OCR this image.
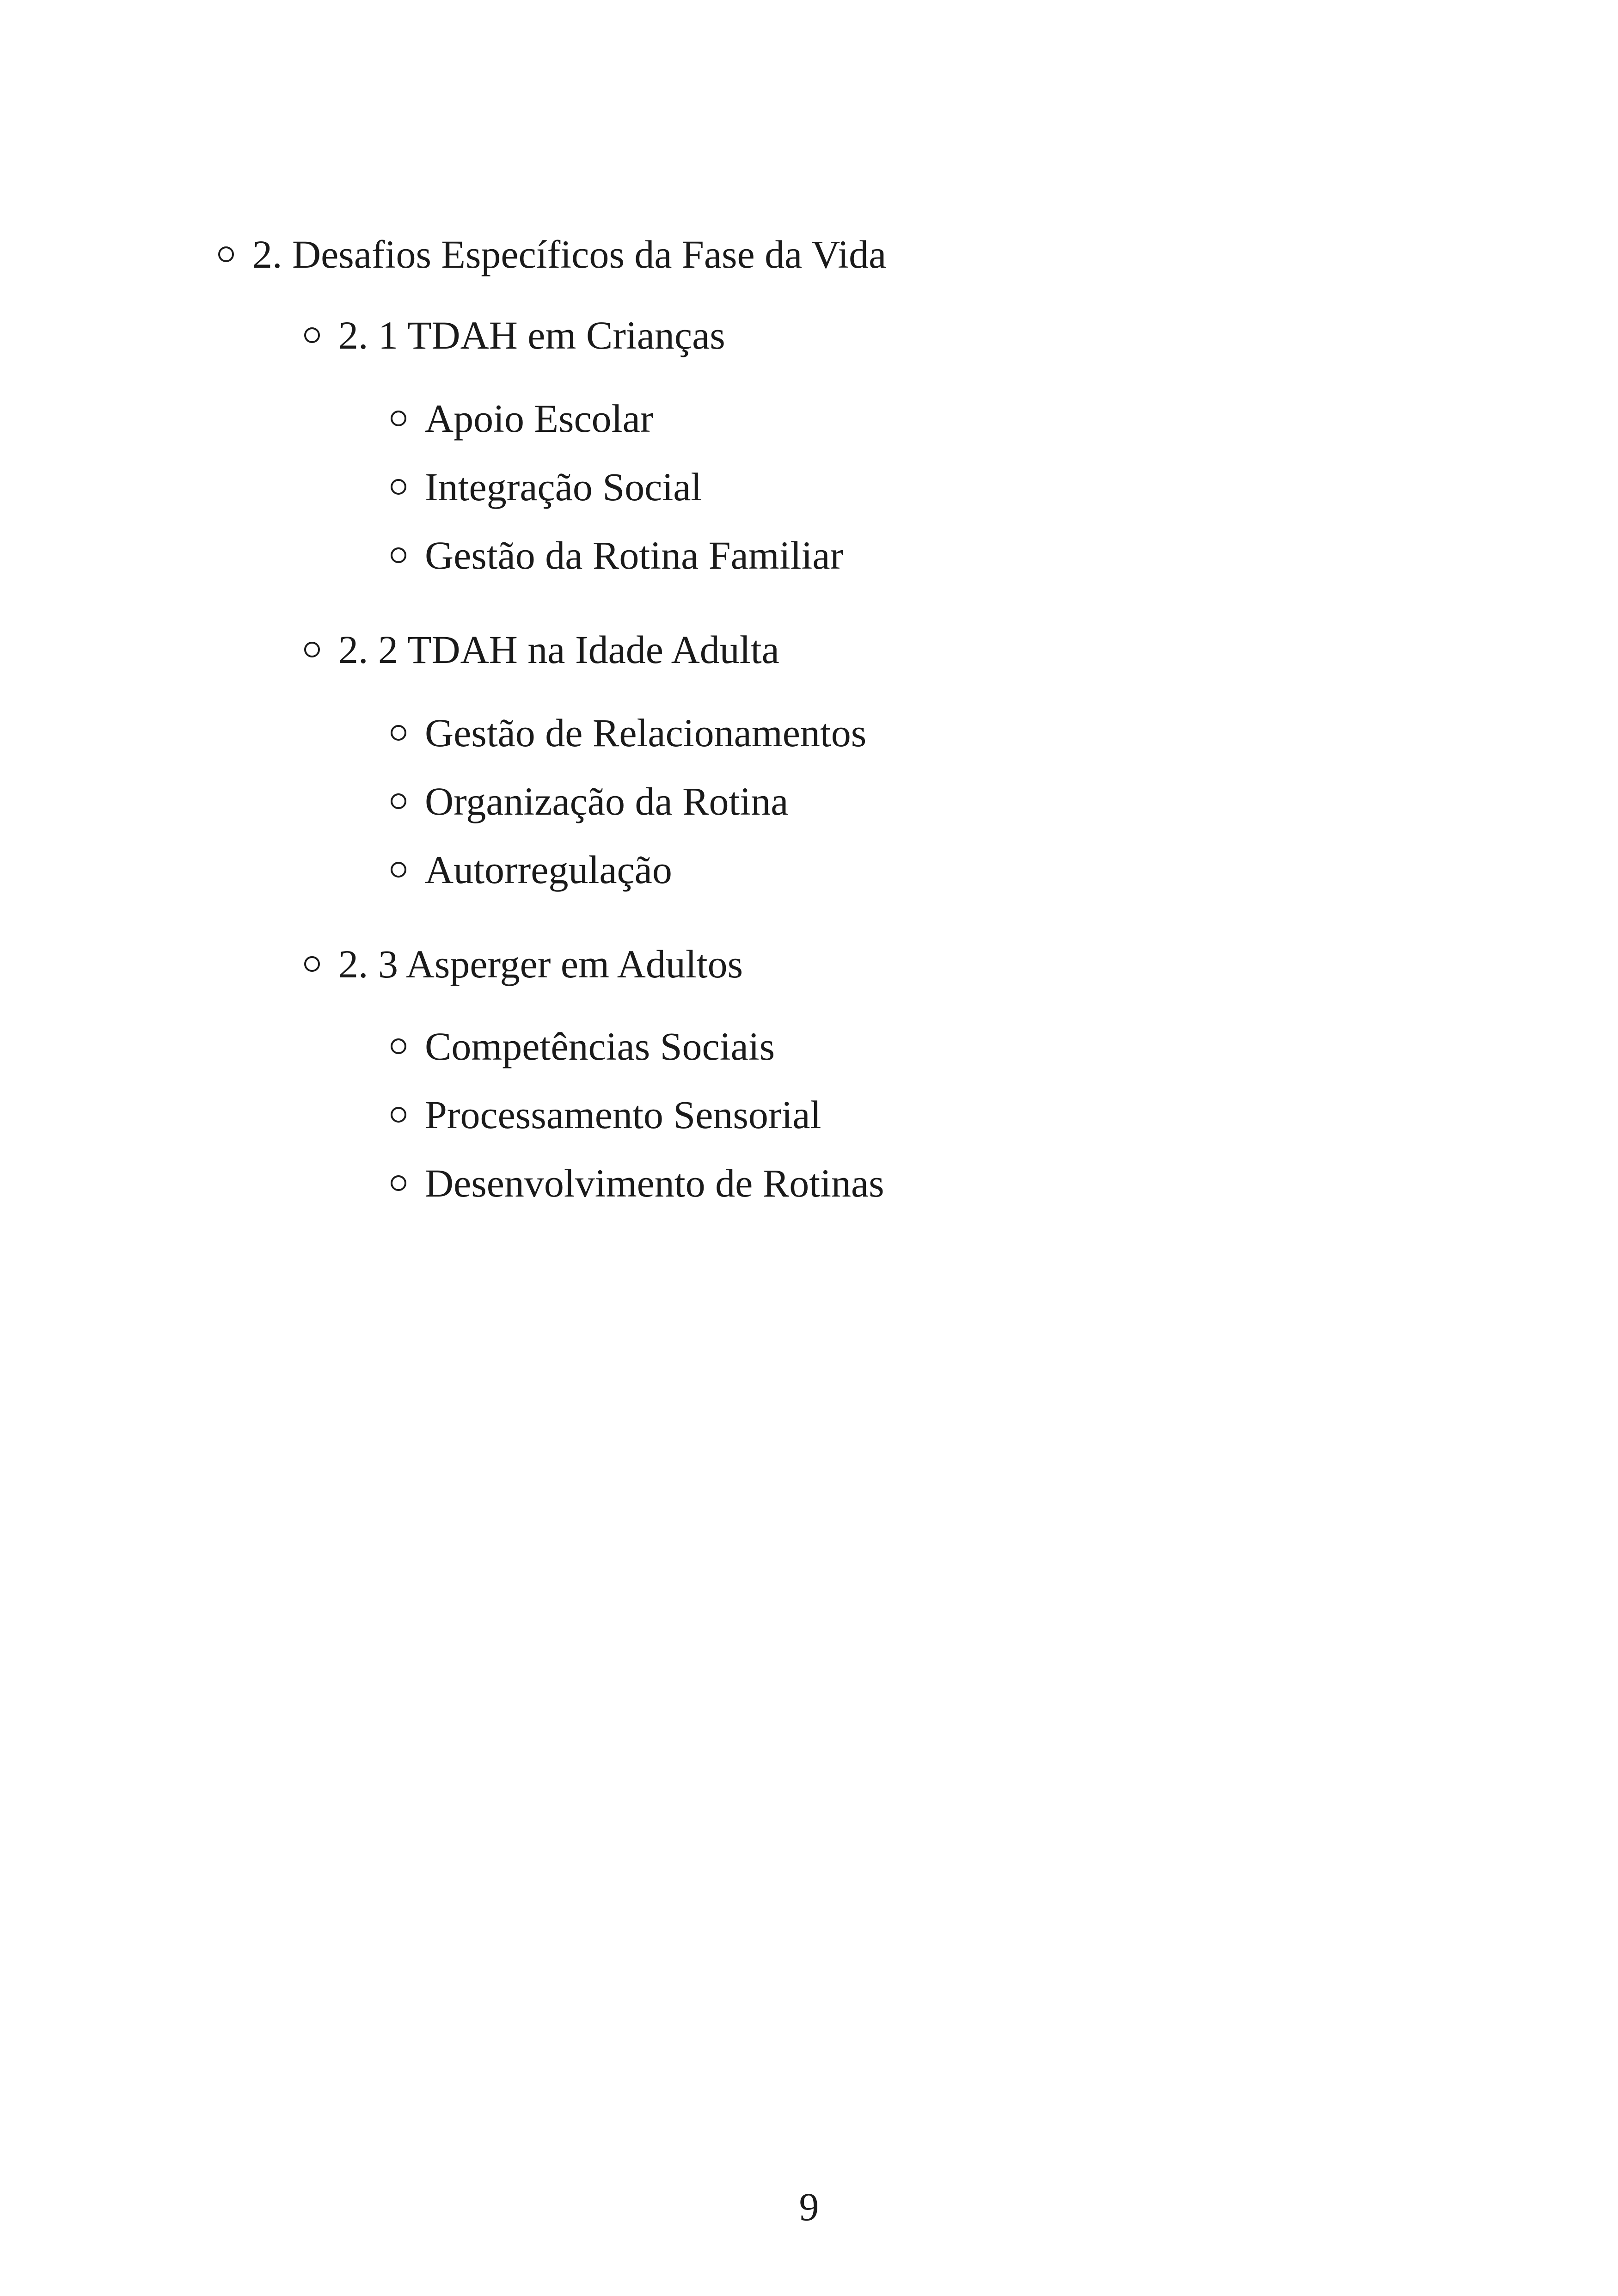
2. Desafios Específicos da Fase da Vida
2. 1 TDAH em Crianças
Apoio Escolar
Integração Social
Gestão da Rotina Familiar
2. 2 TDAH na Idade Adulta
Gestão de Relacionamentos
Organização da Rotina
Autorregulação
2. 3 Asperger em Adultos
Competências Sociais
Processamento Sensorial
Desenvolvimento de Rotinas
9
